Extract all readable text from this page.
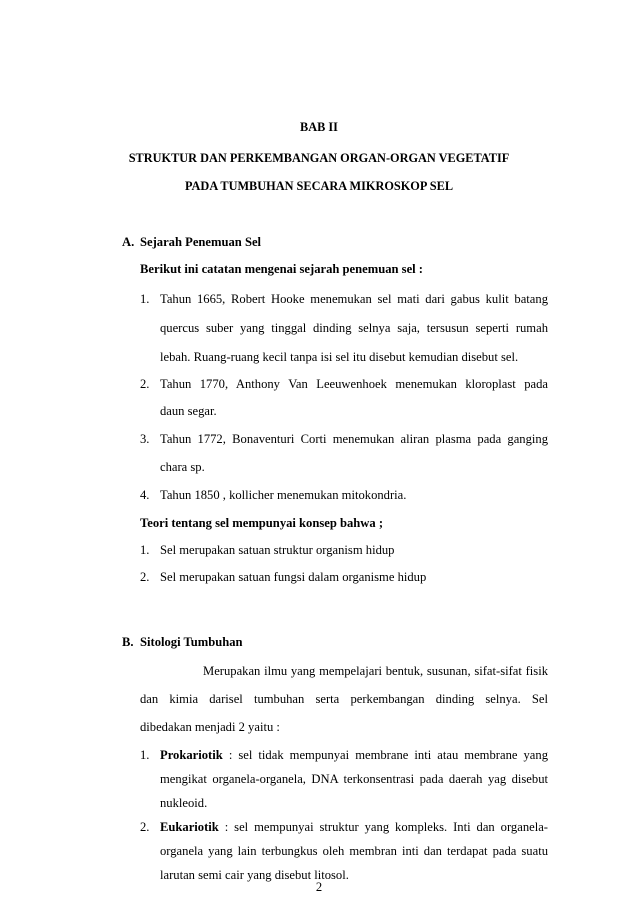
BAB II
STRUKTUR DAN PERKEMBANGAN ORGAN-ORGAN VEGETATIF
PADA TUMBUHAN SECARA MIKROSKOP SEL
A. Sejarah Penemuan Sel
Berikut ini catatan mengenai sejarah penemuan sel :
1. Tahun 1665, Robert Hooke menemukan sel mati dari gabus kulit batang
quercus suber yang tinggal dinding selnya saja, tersusun seperti rumah
lebah. Ruang-ruang kecil tanpa isi sel itu disebut kemudian disebut sel.
2. Tahun 1770, Anthony Van Leeuwenhoek menemukan kloroplast pada
daun segar.
3. Tahun 1772, Bonaventuri Corti menemukan aliran plasma pada ganging
chara sp.
4. Tahun 1850 , kollicher menemukan mitokondria.
Teori tentang sel mempunyai konsep bahwa ;
1. Sel merupakan satuan struktur organism hidup
2. Sel merupakan satuan fungsi dalam organisme hidup
B. Sitologi Tumbuhan
Merupakan ilmu yang mempelajari bentuk, susunan, sifat-sifat fisik
dan kimia darisel tumbuhan serta perkembangan dinding selnya. Sel
dibedakan menjadi 2 yaitu :
1. Prokariotik : sel tidak mempunyai membrane inti atau membrane yang
mengikat organela-organela, DNA terkonsentrasi pada daerah yag disebut
nukleoid.
2. Eukariotik : sel mempunyai struktur yang kompleks. Inti dan organela-
organela yang lain terbungkus oleh membran inti dan terdapat pada suatu
larutan semi cair yang disebut litosol.
2
